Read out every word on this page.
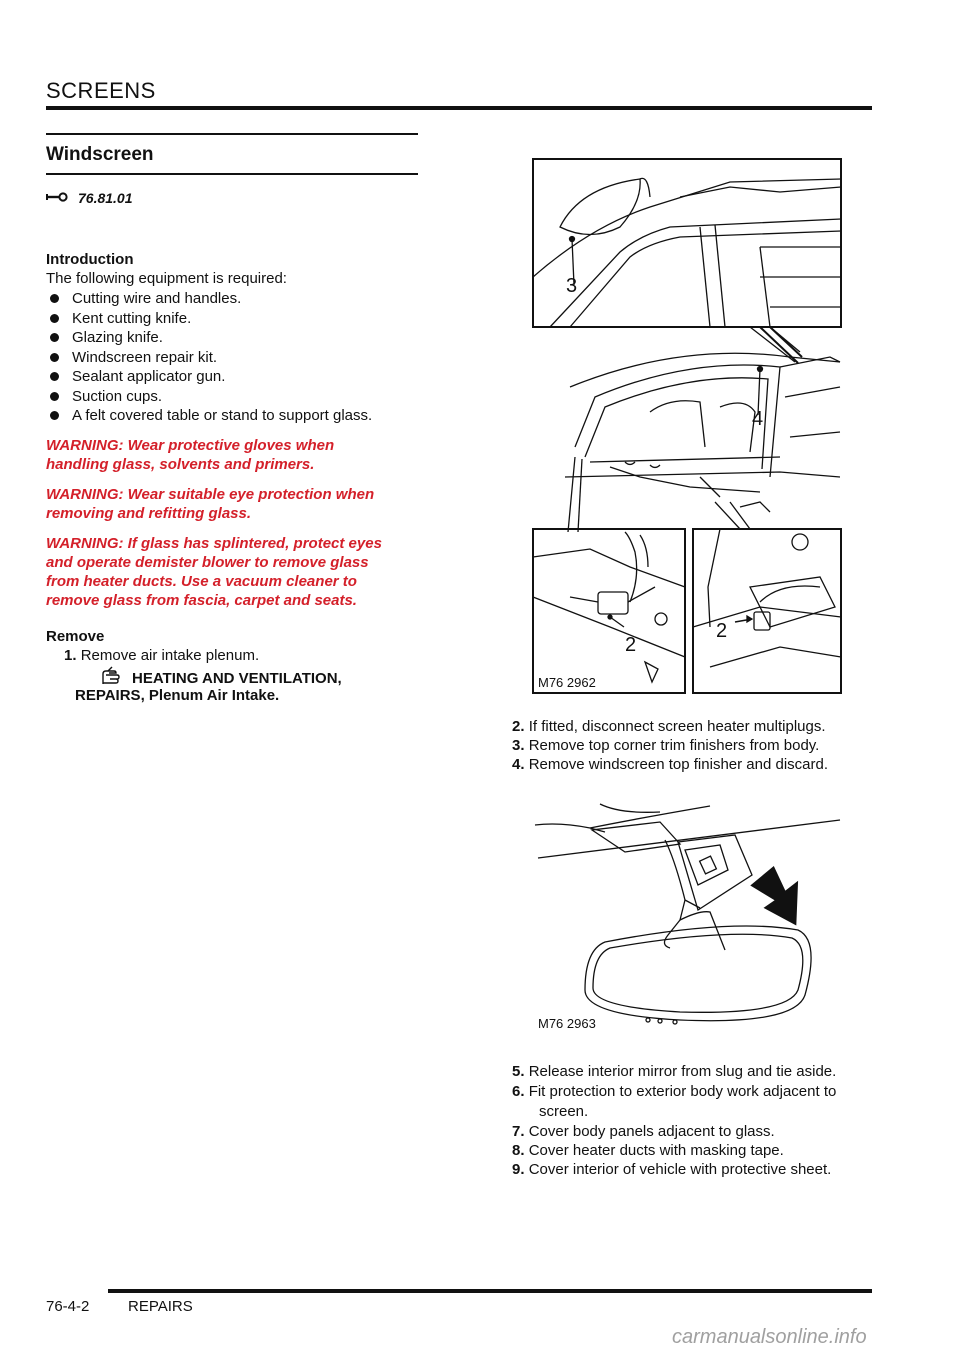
SCREENS
Windscreen
76.81.01
Introduction
The following equipment is required:
Cutting wire and handles.
Kent cutting knife.
Glazing knife.
Windscreen repair kit.
Sealant applicator gun.
Suction cups.
A felt covered table or stand to support glass.
WARNING: Wear protective gloves when
handling glass, solvents and primers.
WARNING: Wear suitable eye protection when
removing and refitting glass.
WARNING: If glass has splintered, protect eyes
and operate demister blower to remove glass
from heater ducts. Use a vacuum cleaner to
remove glass from fascia, carpet and seats.
Remove
1. Remove air intake plenum.
HEATING AND VENTILATION,
REPAIRS, Plenum Air Intake.
3
4
2
2
M76 2962
2. If fitted, disconnect screen heater multiplugs.
3. Remove top corner trim finishers from body.
4. Remove windscreen top finisher and discard.
M76 2963
5. Release interior mirror from slug and tie aside.
6. Fit protection to exterior body work adjacent to
screen.
7. Cover body panels adjacent to glass.
8. Cover heater ducts with masking tape.
9. Cover interior of vehicle with protective sheet.
76-4-2	REPAIRS
carmanualsonline.info
